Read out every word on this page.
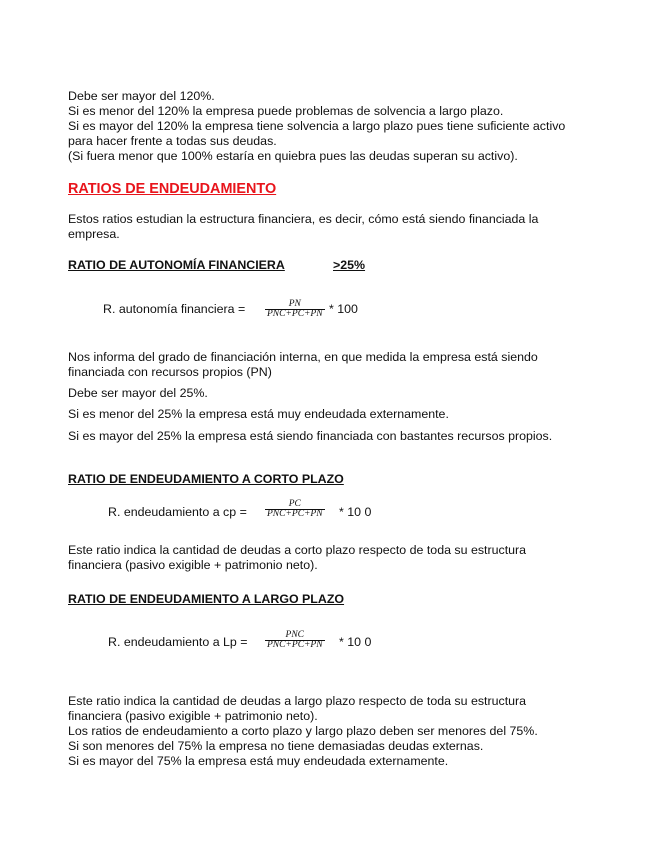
Debe ser mayor del 120%.
Si es menor del 120% la empresa puede problemas de solvencia a largo plazo.
Si es mayor del 120% la empresa tiene solvencia a largo plazo pues tiene suficiente activo
para hacer frente a todas sus deudas.
(Si fuera menor que 100% estaría en quiebra pues las deudas superan su activo).
RATIOS DE ENDEUDAMIENTO
Estos ratios estudian la estructura financiera, es decir, cómo está siendo financiada la
empresa.
RATIO DE AUTONOMÍA FINANCIERA	>25%
R. autonomía financiera =	PN
PNC+PC+PN * 100
Nos informa del grado de financiación interna, en que medida la empresa está siendo
financiada con recursos propios (PN)
Debe ser mayor del 25%.
Si es menor del 25% la empresa está muy endeudada externamente.
Si es mayor del 25% la empresa está siendo financiada con bastantes recursos propios.
RATIO DE ENDEUDAMIENTO A CORTO PLAZO
R. endeudamiento a cp =
PC
PNC+PC+PN * 10 0
Este ratio indica la cantidad de deudas a corto plazo respecto de toda su estructura
financiera (pasivo exigible + patrimonio neto).
RATIO DE ENDEUDAMIENTO A LARGO PLAZO
R. endeudamiento a Lp =	PNC
PNC+PC+PN * 10 0
Este ratio indica la cantidad de deudas a largo plazo respecto de toda su estructura
financiera (pasivo exigible + patrimonio neto).
Los ratios de endeudamiento a corto plazo y largo plazo deben ser menores del 75%.
Si son menores del 75% la empresa no tiene demasiadas deudas externas.
Si es mayor del 75% la empresa está muy endeudada externamente.
